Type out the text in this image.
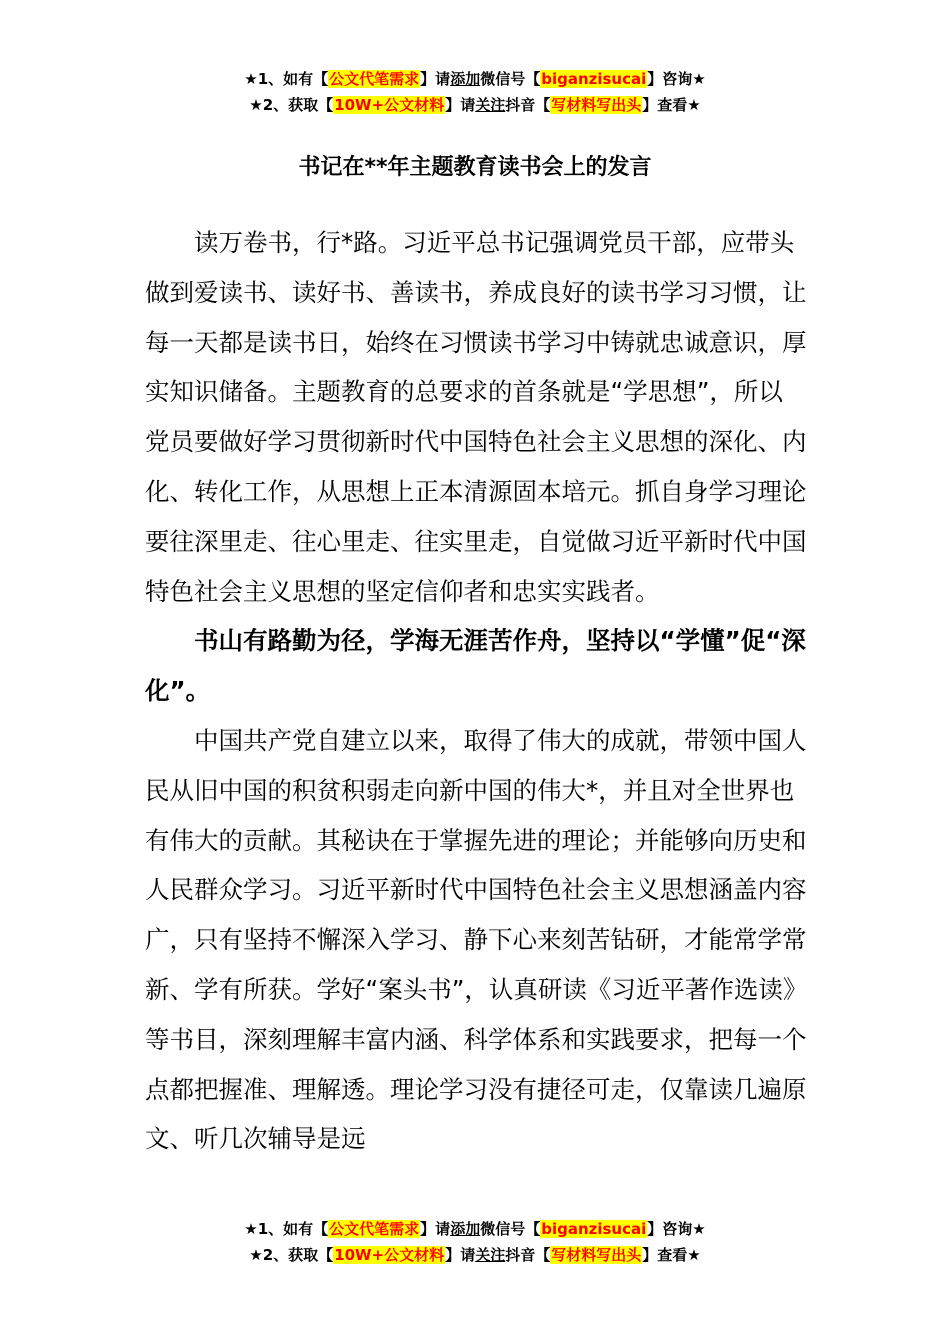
★1、如有【公文代笔需求】请添加微信号【biganzisucai】咨询★
★2、获取【10W+公文材料】请关注抖音【写材料写出头】查看★
书记在**年主题教育读书会上的发言

读万卷书，行*路。习近平总书记强调党员干部，应带头做到爱读书、读好书、善读书，养成良好的读书学习习惯，让每一天都是读书日，始终在习惯读书学习中铸就忠诚意识，厚实知识储备。主题教育的总要求的首条就是“学思想”，所以党员要做好学习贯彻新时代中国特色社会主义思想的深化、内化、转化工作，从思想上正本清源固本培元。抓自身学习理论要往深里走、往心里走、往实里走，自觉做习近平新时代中国特色社会主义思想的坚定信仰者和忠实实践者。

书山有路勤为径，学海无涯苦作舟，坚持以“学懂”促“深化”。

中国共产党自建立以来，取得了伟大的成就，带领中国人民从旧中国的积贫积弱走向新中国的伟大*，并且对全世界也有伟大的贡献。其秘诀在于掌握先进的理论；并能够向历史和人民群众学习。习近平新时代中国特色社会主义思想涵盖内容广，只有坚持不懈深入学习、静下心来刻苦钻研，才能常学常新、学有所获。学好“案头书”，认真研读《习近平著作选读》等书目，深刻理解丰富内涵、科学体系和实践要求，把每一个点都把握准、理解透。理论学习没有捷径可走，仅靠读几遍原文、听几次辅导是远

★1、如有【公文代笔需求】请添加微信号【biganzisucai】咨询★
★2、获取【10W+公文材料】请关注抖音【写材料写出头】查看★
